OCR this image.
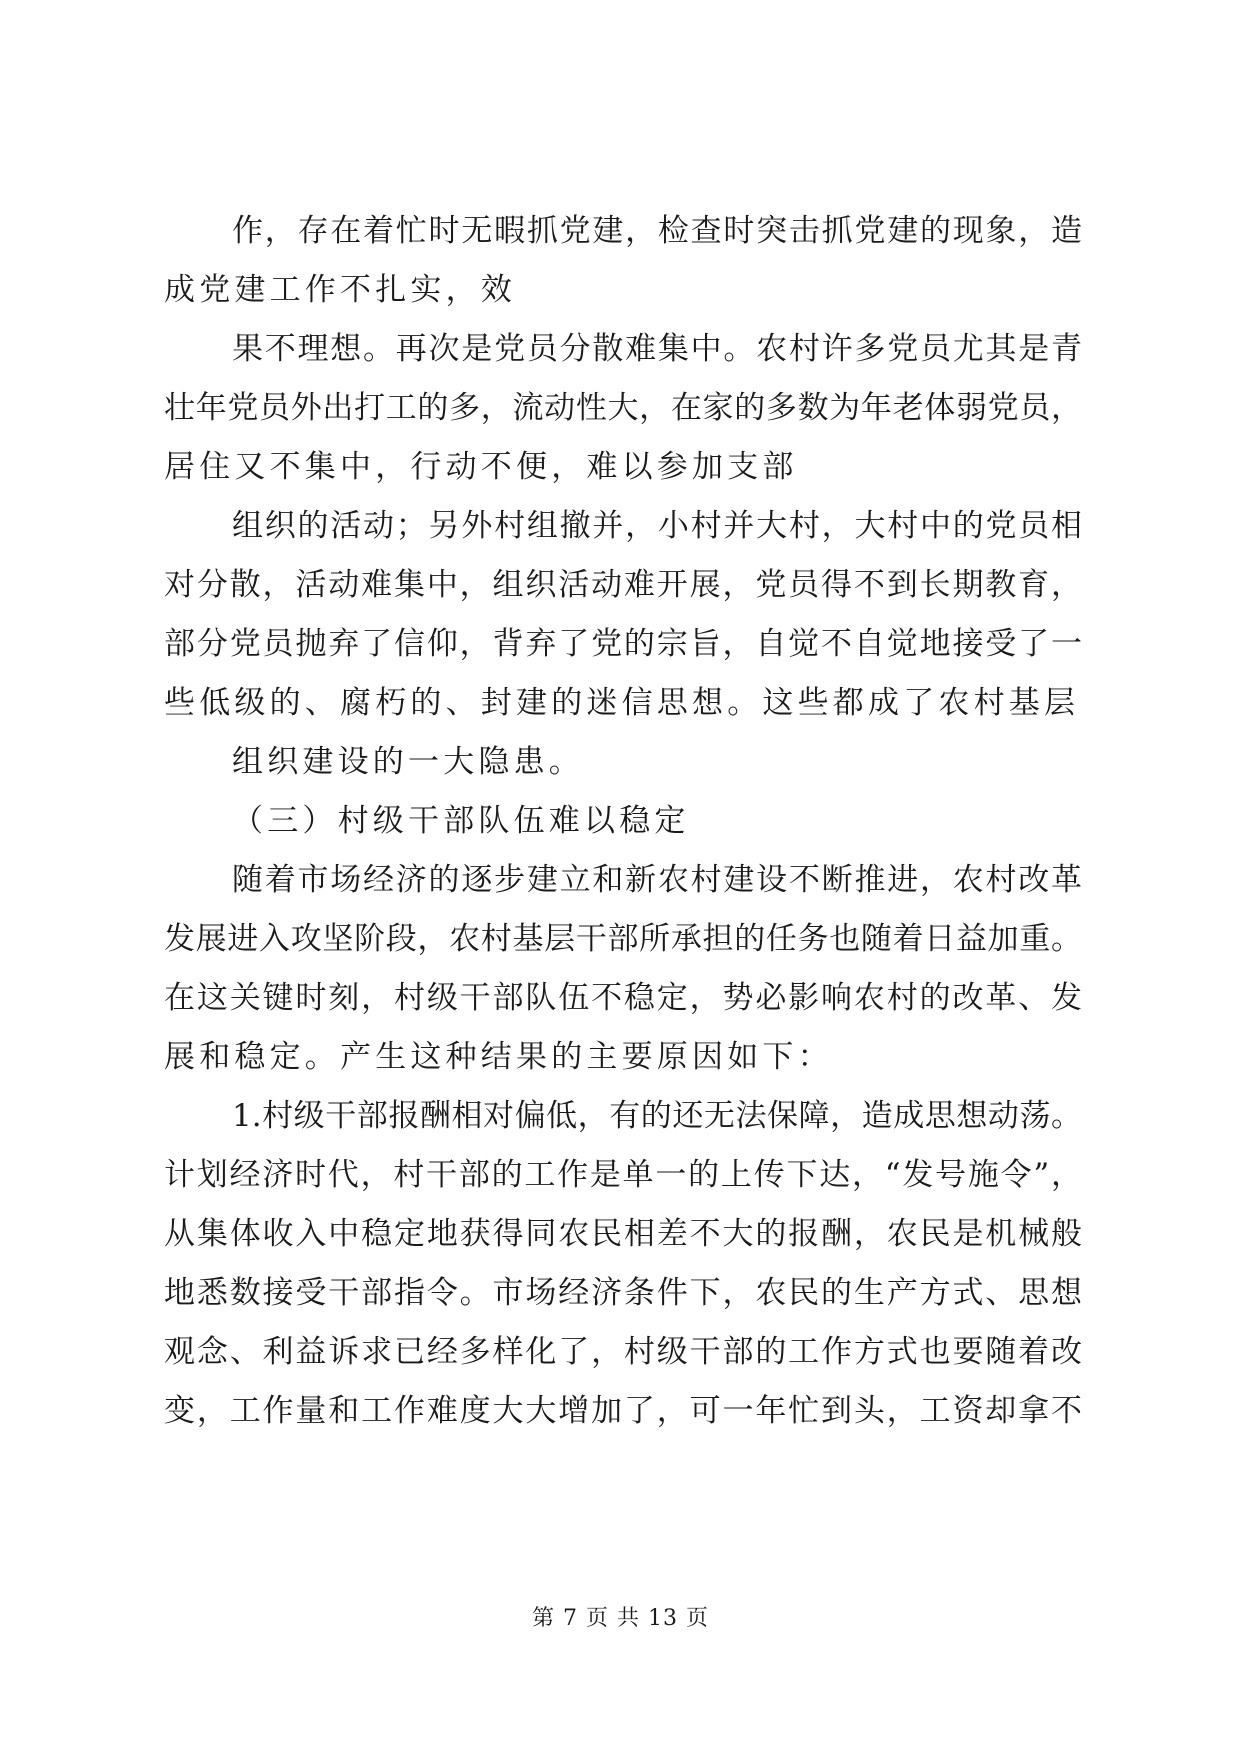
作，存在着忙时无暇抓党建，检查时突击抓党建的现象，造
成党建工作不扎实，效
果不理想。再次是党员分散难集中。农村许多党员尤其是青
壮年党员外出打工的多，流动性大，在家的多数为年老体弱党员，
居住又不集中，行动不便，难以参加支部
组织的活动；另外村组撤并，小村并大村，大村中的党员相
对分散，活动难集中，组织活动难开展，党员得不到长期教育，
部分党员抛弃了信仰，背弃了党的宗旨，自觉不自觉地接受了一
些低级的、腐朽的、封建的迷信思想。这些都成了农村基层
组织建设的一大隐患。
（三）村级干部队伍难以稳定
随着市场经济的逐步建立和新农村建设不断推进，农村改革
发展进入攻坚阶段，农村基层干部所承担的任务也随着日益加重。
在这关键时刻，村级干部队伍不稳定，势必影响农村的改革、发
展和稳定。产生这种结果的主要原因如下：
1.村级干部报酬相对偏低，有的还无法保障，造成思想动荡。
计划经济时代，村干部的工作是单一的上传下达，“发号施令”，
从集体收入中稳定地获得同农民相差不大的报酬，农民是机械般
地悉数接受干部指令。市场经济条件下，农民的生产方式、思想
观念、利益诉求已经多样化了，村级干部的工作方式也要随着改
变，工作量和工作难度大大增加了，可一年忙到头，工资却拿不
第 7 页 共 13 页
